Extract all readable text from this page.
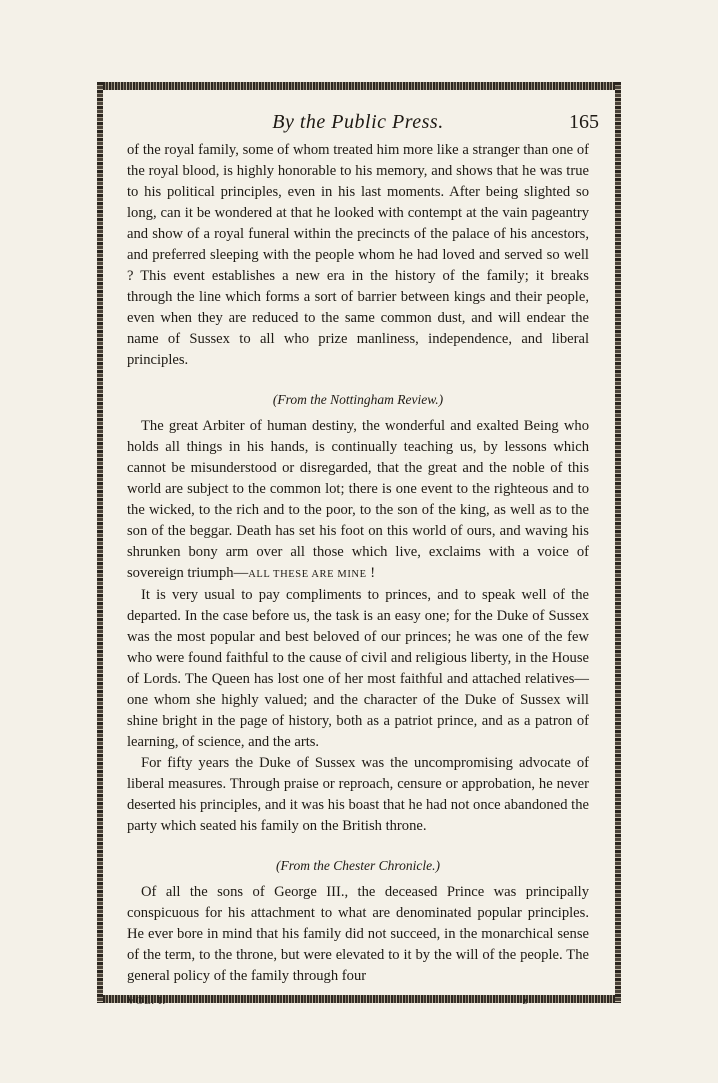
By the Public Press.	165

of the royal family, some of whom treated him more like a stranger than one of the royal blood, is highly honorable to his memory, and shows that he was true to his political principles, even in his last moments. After being slighted so long, can it be wondered at that he looked with contempt at the vain pageantry and show of a royal funeral within the precincts of the palace of his ancestors, and preferred sleeping with the people whom he had loved and served so well ? This event establishes a new era in the history of the family; it breaks through the line which forms a sort of barrier between kings and their people, even when they are reduced to the same common dust, and will endear the name of Sussex to all who prize manliness, independence, and liberal principles.

(From the Nottingham Review.)

The great Arbiter of human destiny, the wonderful and exalted Being who holds all things in his hands, is continually teaching us, by lessons which cannot be misunderstood or disregarded, that the great and the noble of this world are subject to the common lot; there is one event to the righteous and to the wicked, to the rich and to the poor, to the son of the king, as well as to the son of the beggar. Death has set his foot on this world of ours, and waving his shrunken bony arm over all those which live, exclaims with a voice of sovereign triumph—ALL THESE ARE MINE !

It is very usual to pay compliments to princes, and to speak well of the departed. In the case before us, the task is an easy one; for the Duke of Sussex was the most popular and best beloved of our princes; he was one of the few who were found faithful to the cause of civil and religious liberty, in the House of Lords. The Queen has lost one of her most faithful and attached relatives—one whom she highly valued; and the character of the Duke of Sussex will shine bright in the page of history, both as a patriot prince, and as a patron of learning, of science, and the arts.

For fifty years the Duke of Sussex was the uncompromising advocate of liberal measures. Through praise or reproach, censure or approbation, he never deserted his principles, and it was his boast that he had not once abandoned the party which seated his family on the British throne.

(From the Chester Chronicle.)

Of all the sons of George III., the deceased Prince was principally conspicuous for his attachment to what are denominated popular principles. He ever bore in mind that his family did not succeed, in the monarchical sense of the term, to the throne, but were elevated to it by the will of the people. The general policy of the family through four

VOL. I.	z
